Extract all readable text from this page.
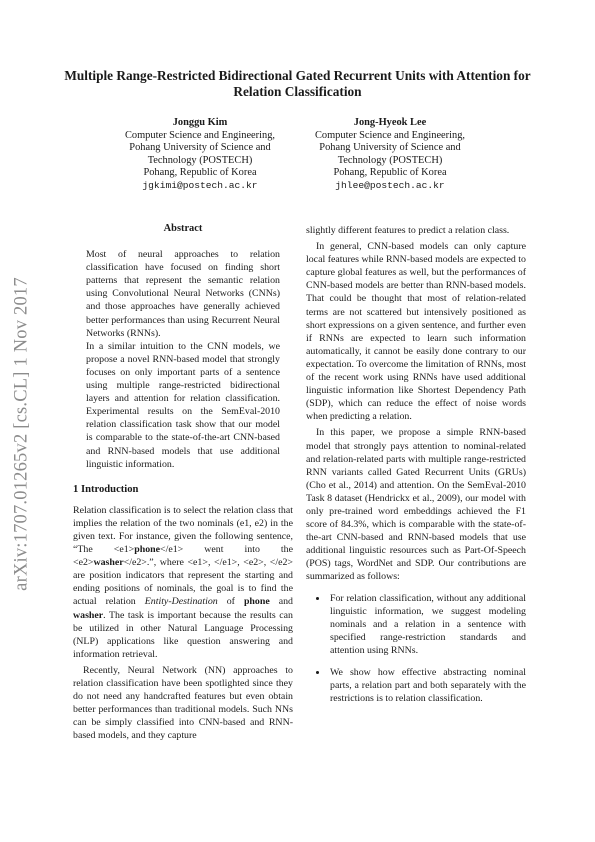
Multiple Range-Restricted Bidirectional Gated Recurrent Units with Attention for Relation Classification
Jonggu Kim
Computer Science and Engineering,
Pohang University of Science and
Technology (POSTECH)
Pohang, Republic of Korea
jgkimi@postech.ac.kr
Jong-Hyeok Lee
Computer Science and Engineering,
Pohang University of Science and
Technology (POSTECH)
Pohang, Republic of Korea
jhlee@postech.ac.kr
arXiv:1707.01265v2 [cs.CL] 1 Nov 2017

Abstract

Most of neural approaches to relation classification have focused on finding short patterns that represent the semantic relation using Convolutional Neural Networks (CNNs) and those approaches have generally achieved better performances than using Recurrent Neural Networks (RNNs).

In a similar intuition to the CNN models, we propose a novel RNN-based model that strongly focuses on only important parts of a sentence using multiple range-restricted bidirectional layers and attention for relation classification. Experimental results on the SemEval-2010 relation classification task show that our model is comparable to the state-of-the-art CNN-based and RNN-based models that use additional linguistic information.

1 Introduction

Relation classification is to select the relation class that implies the relation of the two nominals (e1, e2) in the given text. For instance, given the following sentence, “The <e1>phone</e1> went into the <e2>washer</e2>.”, where <e1>, </e1>, <e2>, </e2> are position indicators that represent the starting and ending positions of nominals, the goal is to find the actual relation Entity-Destination of phone and washer. The task is important because the results can be utilized in other Natural Language Processing (NLP) applications like question answering and information retrieval.

Recently, Neural Network (NN) approaches to relation classification have been spotlighted since they do not need any handcrafted features but even obtain better performances than traditional models. Such NNs can be simply classified into CNN-based and RNN-based models, and they capture

slightly different features to predict a relation class.

In general, CNN-based models can only capture local features while RNN-based models are expected to capture global features as well, but the performances of CNN-based models are better than RNN-based models. That could be thought that most of relation-related terms are not scattered but intensively positioned as short expressions on a given sentence, and further even if RNNs are expected to learn such information automatically, it cannot be easily done contrary to our expectation. To overcome the limitation of RNNs, most of the recent work using RNNs have used additional linguistic information like Shortest Dependency Path (SDP), which can reduce the effect of noise words when predicting a relation.

In this paper, we propose a simple RNN-based model that strongly pays attention to nominal-related and relation-related parts with multiple range-restricted RNN variants called Gated Recurrent Units (GRUs) (Cho et al., 2014) and attention. On the SemEval-2010 Task 8 dataset (Hendrickx et al., 2009), our model with only pre-trained word embeddings achieved the F1 score of 84.3%, which is comparable with the state-of-the-art CNN-based and RNN-based models that use additional linguistic resources such as Part-Of-Speech (POS) tags, WordNet and SDP. Our contributions are summarized as follows:

• For relation classification, without any additional linguistic information, we suggest modeling nominals and a relation in a sentence with specified range-restriction standards and attention using RNNs.
• We show how effective abstracting nominal parts, a relation part and both separately with the restrictions is to relation classification.
